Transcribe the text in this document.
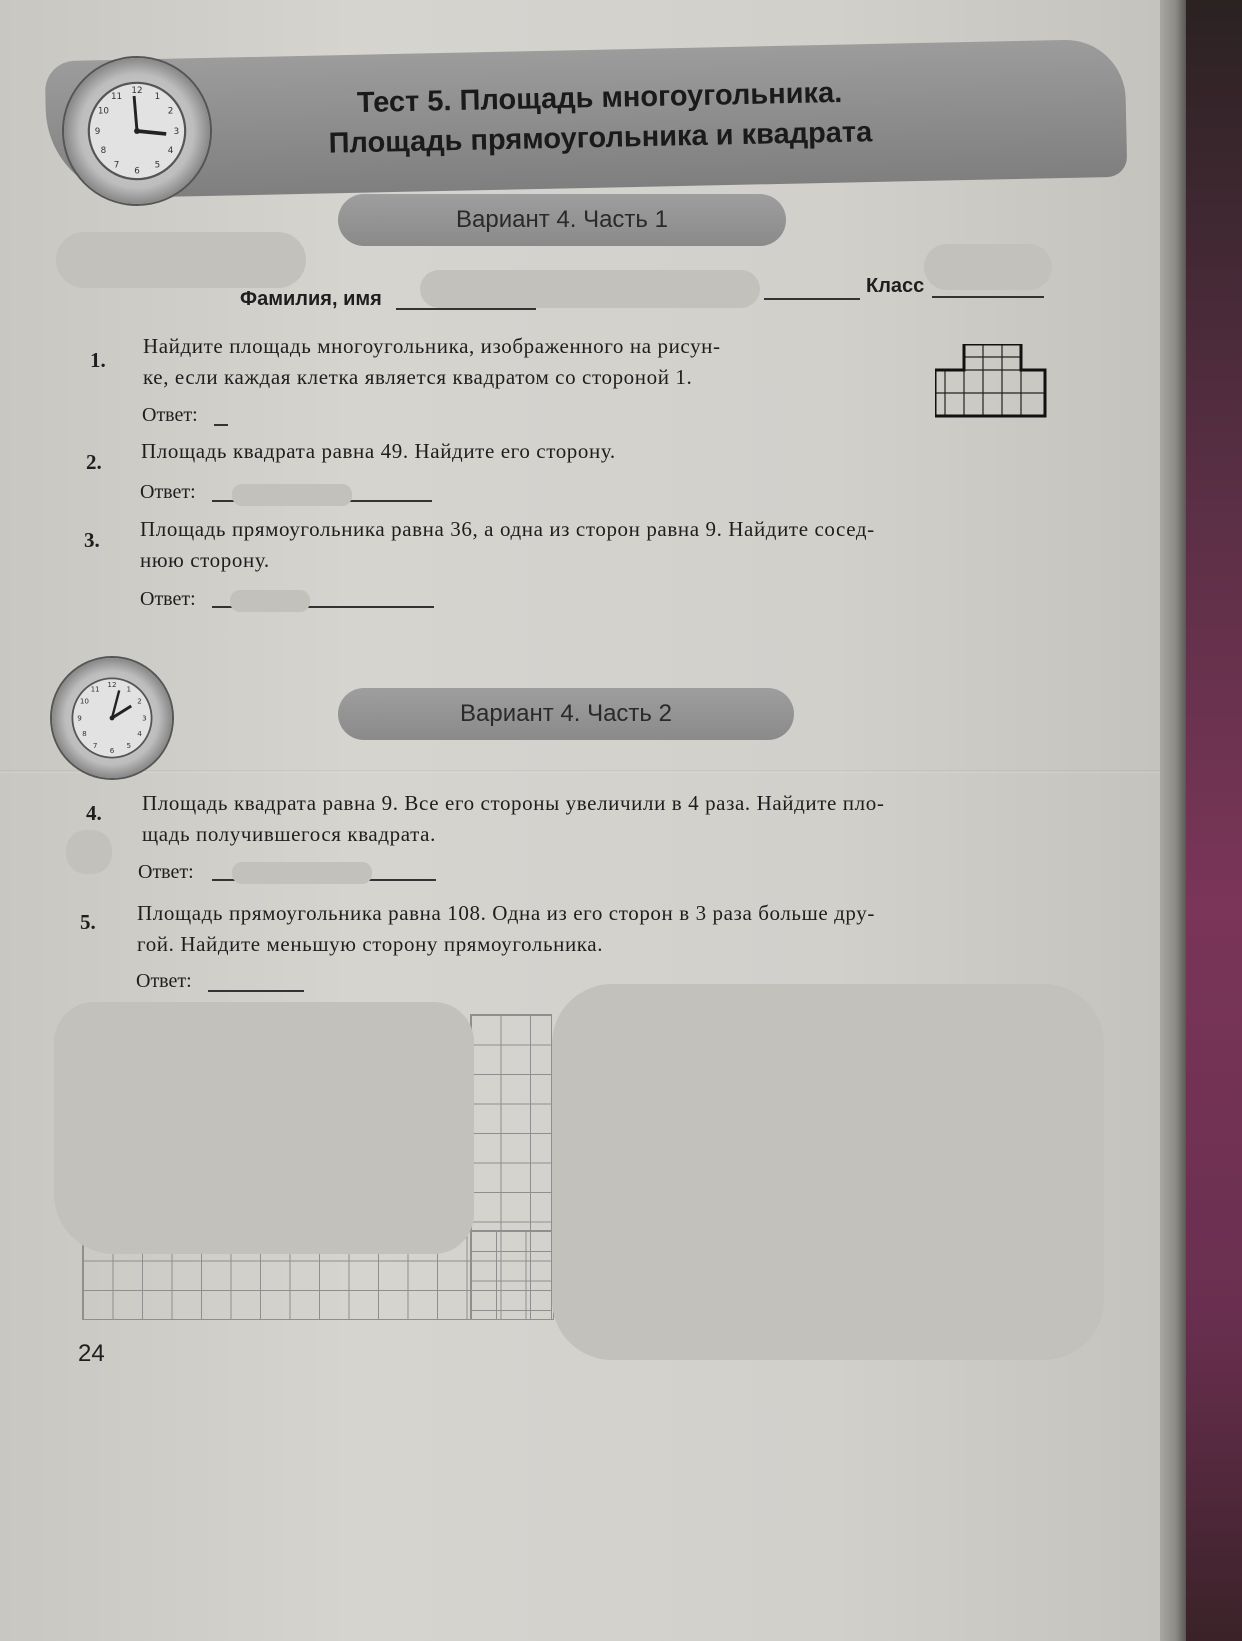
12
1
2
3
4
5
6
7
8
9
10
11	Тест 5. Площадь многоугольника.
Площадь прямоугольника и квадрата
Вариант 4. Часть 1
Фамилия, имя
Класс
1.
Найдите площадь многоугольника, изображенного на рисун-
ке, если каждая клетка является квадратом со стороной 1.
Ответ:
2. Площадь квадрата равна 49. Найдите его сторону.
Ответ:
3. Площадь прямоугольника равна 36, а одна из сторон равна 9. Найдите сосед-
нюю сторону.
Ответ:
12
1
2
3
4
5
6
7
8
9
10
11
Вариант 4. Часть 2
4. Площадь квадрата равна 9. Все его стороны увеличили в 4 раза. Найдите пло-
щадь получившегося квадрата.
Ответ:
5. Площадь прямоугольника равна 108. Одна из его сторон в 3 раза больше дру-
гой. Найдите меньшую сторону прямоугольника.
Ответ:
24
